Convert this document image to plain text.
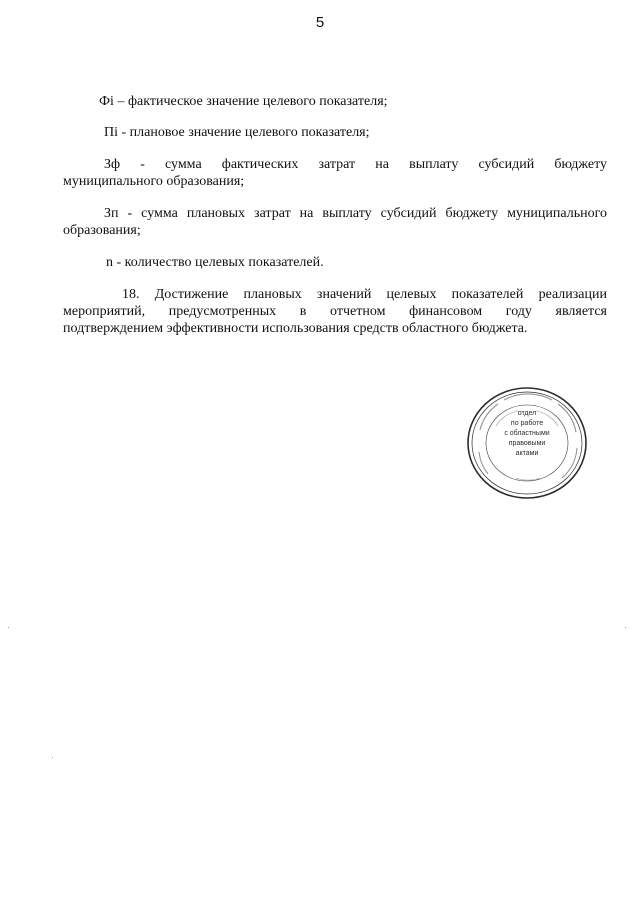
5
Фi – фактическое значение целевого показателя;
Пi - плановое значение целевого показателя;
Зф - сумма фактических затрат на выплату субсидий бюджету
муниципального образования;
Зп - сумма плановых затрат на выплату субсидий бюджету муниципального
образования;
n - количество целевых показателей.
18. Достижение плановых значений целевых показателей реализации
мероприятий, предусмотренных в отчетном финансовом году является
подтверждением эффективности использования средств областного бюджета.
отдел
по работе
с областными
правовыми
актами
